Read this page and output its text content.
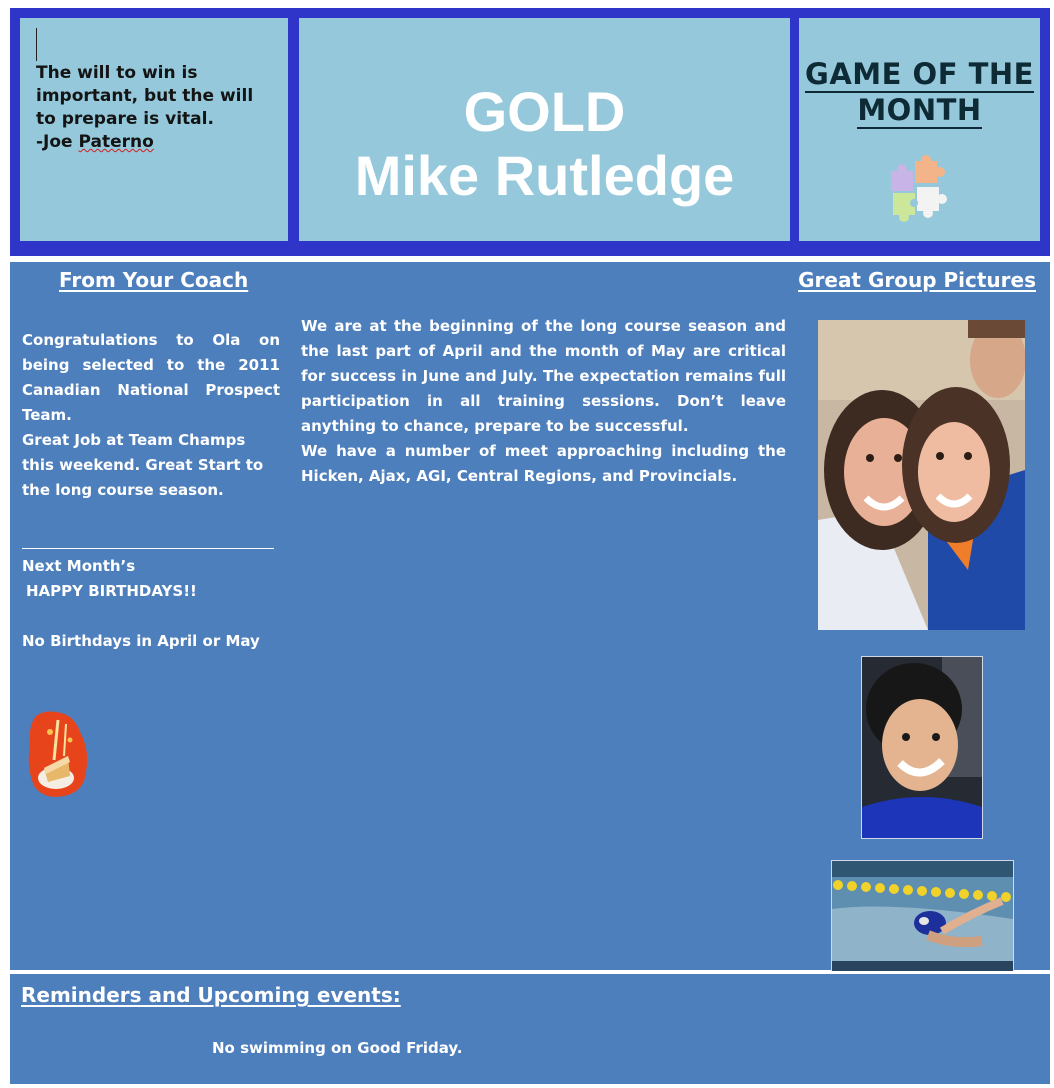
The will to win is
important, but the will
to prepare is vital.
-Joe Paterno	GOLD
Mike Rutledge
GAME OF THE
MONTH
From Your Coach	Great Group Pictures

Congratulations to Ola on being selected to the 2011 Canadian National Prospect Team.

Great Job at Team Champs this weekend. Great Start to the long course season.

Next Month’s
HAPPY BIRTHDAYS!!
No Birthdays in April or May

We are at the beginning of the long course season and the last part of April and the month of May are critical for success in June and July. The expectation remains full participation in all training sessions. Don’t leave anything to chance, prepare to be successful.

We have a number of meet approaching including the Hicken, Ajax, AGI, Central Regions, and Provincials.

Reminders and Upcoming events:
No swimming on Good Friday.
